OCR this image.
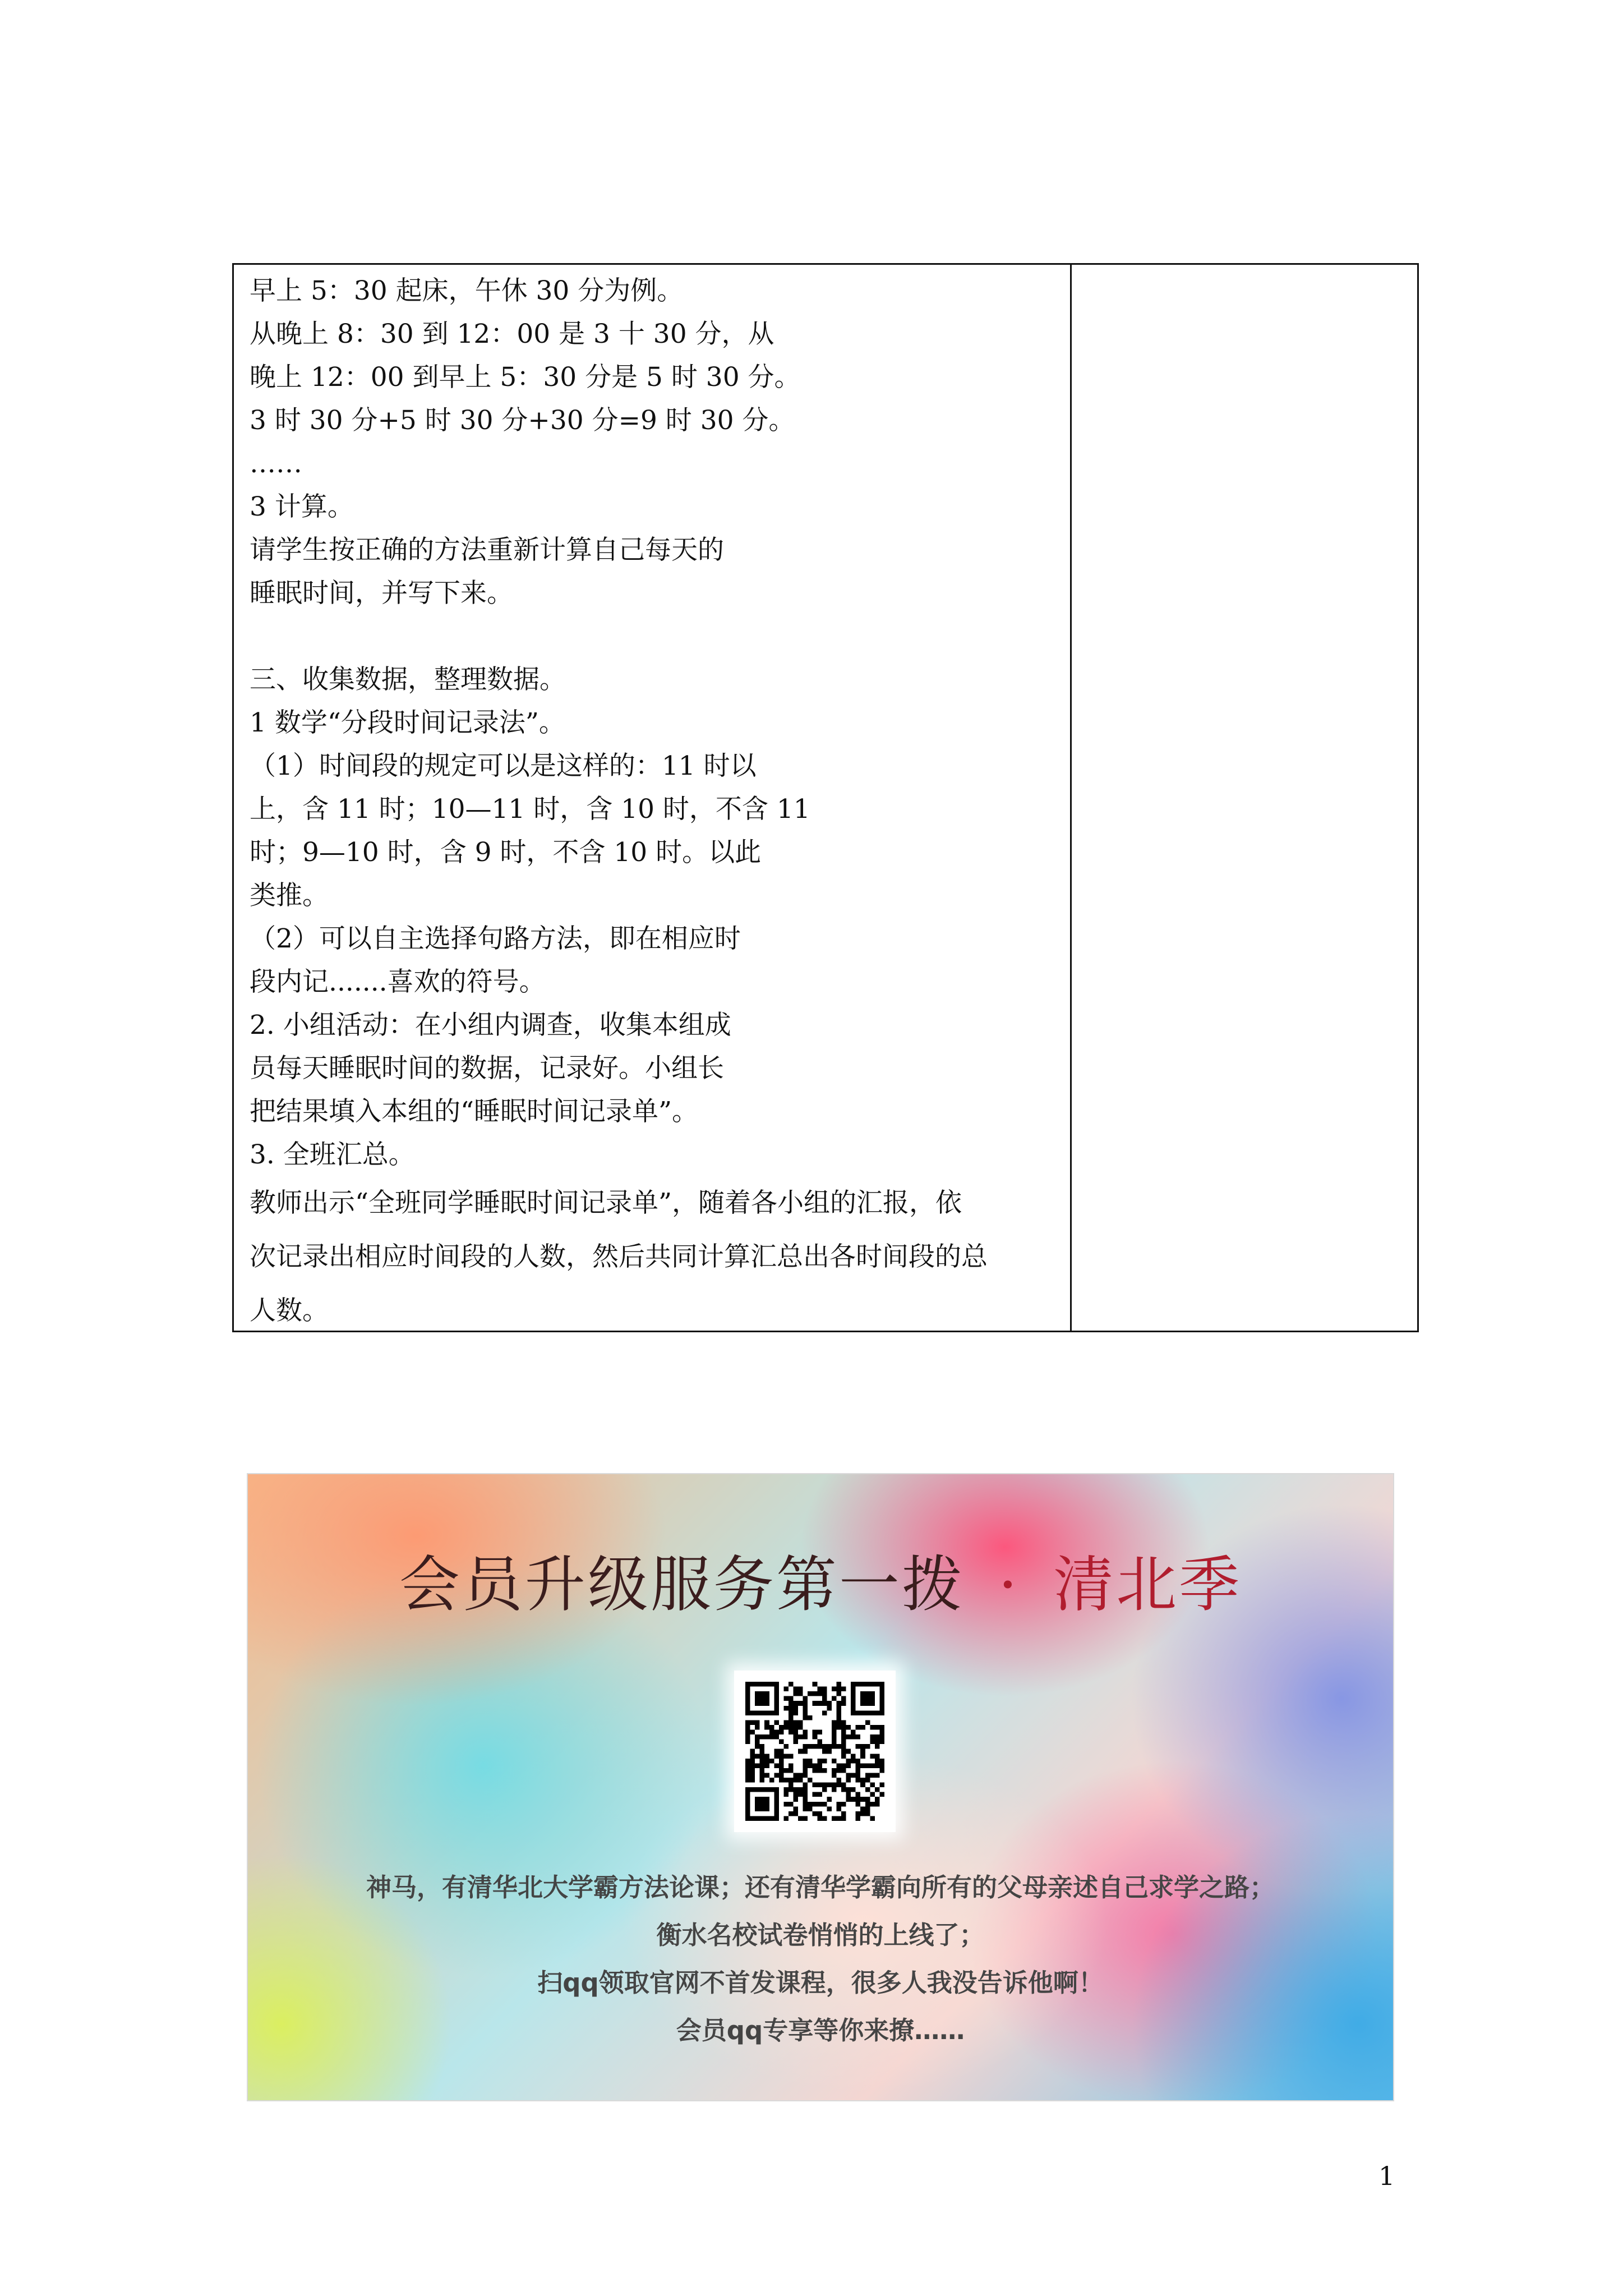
早上 5：30 起床，午休 30 分为例。
从晚上 8：30 到 12：00 是 3 十 30 分，从
晚上 12：00 到早上 5：30 分是 5 时 30 分。
3 时 30 分+5 时 30 分+30 分=9 时 30 分。
……
3 计算。
请学生按正确的方法重新计算自己每天的
睡眠时间，并写下来。
三、收集数据，整理数据。
1 数学“分段时间记录法”。
（1）时间段的规定可以是这样的：11 时以
上，含 11 时；10—11 时，含 10 时，不含 11
时；9—10 时，含 9 时，不含 10 时。以此
类推。
（2）可以自主选择句路方法，即在相应时
段内记.......喜欢的符号。
2. 小组活动：在小组内调查，收集本组成
员每天睡眠时间的数据，记录好。小组长
把结果填入本组的“睡眠时间记录单”。
3. 全班汇总。
教师出示“全班同学睡眠时间记录单”，随着各小组的汇报，依
次记录出相应时间段的人数，然后共同计算汇总出各时间段的总
人数。
会员升级服务第一拨 · 清北季
神马，有清华北大学霸方法论课；还有清华学霸向所有的父母亲述自己求学之路；
衡水名校试卷悄悄的上线了；
扫qq领取官网不首发课程，很多人我没告诉他啊！
会员qq专享等你来撩……
1
